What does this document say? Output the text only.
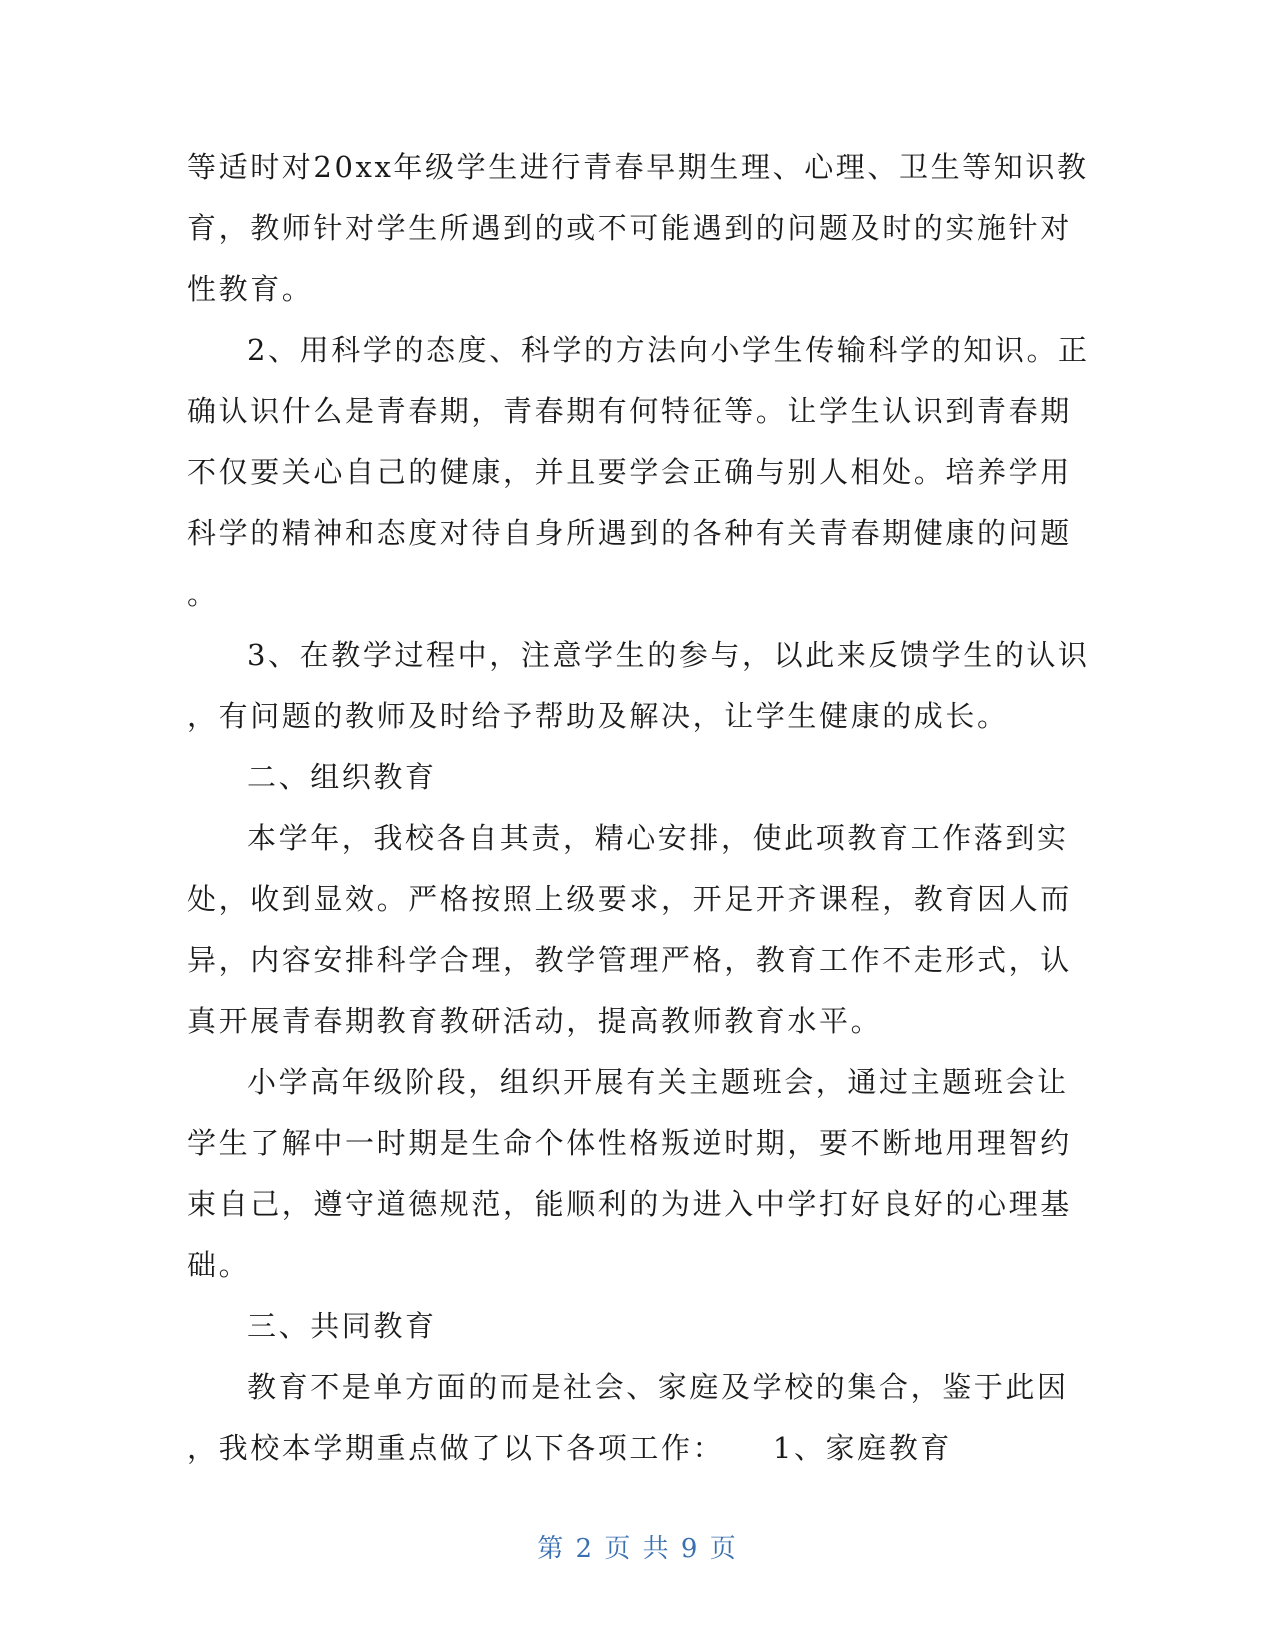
等适时对20xx年级学生进行青春早期生理、心理、卫生等知识教
育，教师针对学生所遇到的或不可能遇到的问题及时的实施针对
性教育。
2、用科学的态度、科学的方法向小学生传输科学的知识。正
确认识什么是青春期，青春期有何特征等。让学生认识到青春期
不仅要关心自己的健康，并且要学会正确与别人相处。培养学用
科学的精神和态度对待自身所遇到的各种有关青春期健康的问题
。
3、在教学过程中，注意学生的参与，以此来反馈学生的认识
，有问题的教师及时给予帮助及解决，让学生健康的成长。
二、组织教育
本学年，我校各自其责，精心安排，使此项教育工作落到实
处，收到显效。严格按照上级要求，开足开齐课程，教育因人而
异，内容安排科学合理，教学管理严格，教育工作不走形式，认
真开展青春期教育教研活动，提高教师教育水平。
小学高年级阶段，组织开展有关主题班会，通过主题班会让
学生了解中一时期是生命个体性格叛逆时期，要不断地用理智约
束自己，遵守道德规范，能顺利的为进入中学打好良好的心理基
础。
三、共同教育
教育不是单方面的而是社会、家庭及学校的集合，鉴于此因
，我校本学期重点做了以下各项工作：　　1、家庭教育
第 2 页 共 9 页
